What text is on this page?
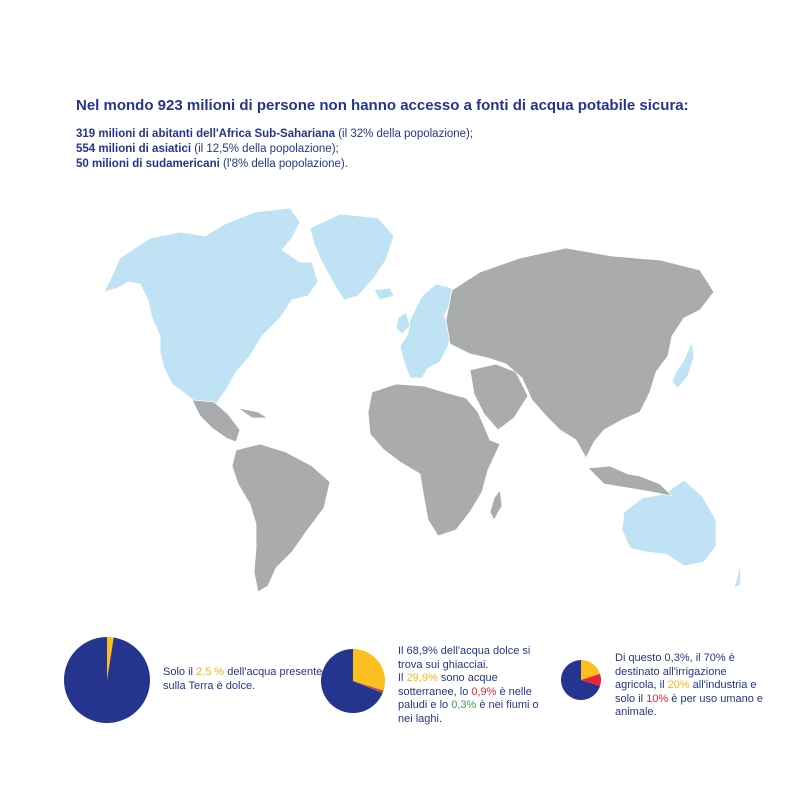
Nel mondo 923 milioni di persone non hanno accesso a fonti di acqua potabile sicura:
319 milioni di abitanti dell'Africa Sub-Sahariana (il 32% della popolazione);
554 milioni di asiatici (il 12,5% della popolazione);
50 milioni di sudamericani (l'8% della popolazione).
Solo il 2,5 % dell'acqua presente sulla Terra è dolce.
Il 68,9% dell'acqua dolce si trova sui ghiacciai.
Il 29,9% sono acque sotterranee, lo 0,9% è nelle paludi e lo 0,3% è nei fiumi o nei laghi.
Di questo 0,3%, il 70% è destinato all'irrigazione agricola, il 20% all'industria e solo il 10% è per uso umano e animale.
